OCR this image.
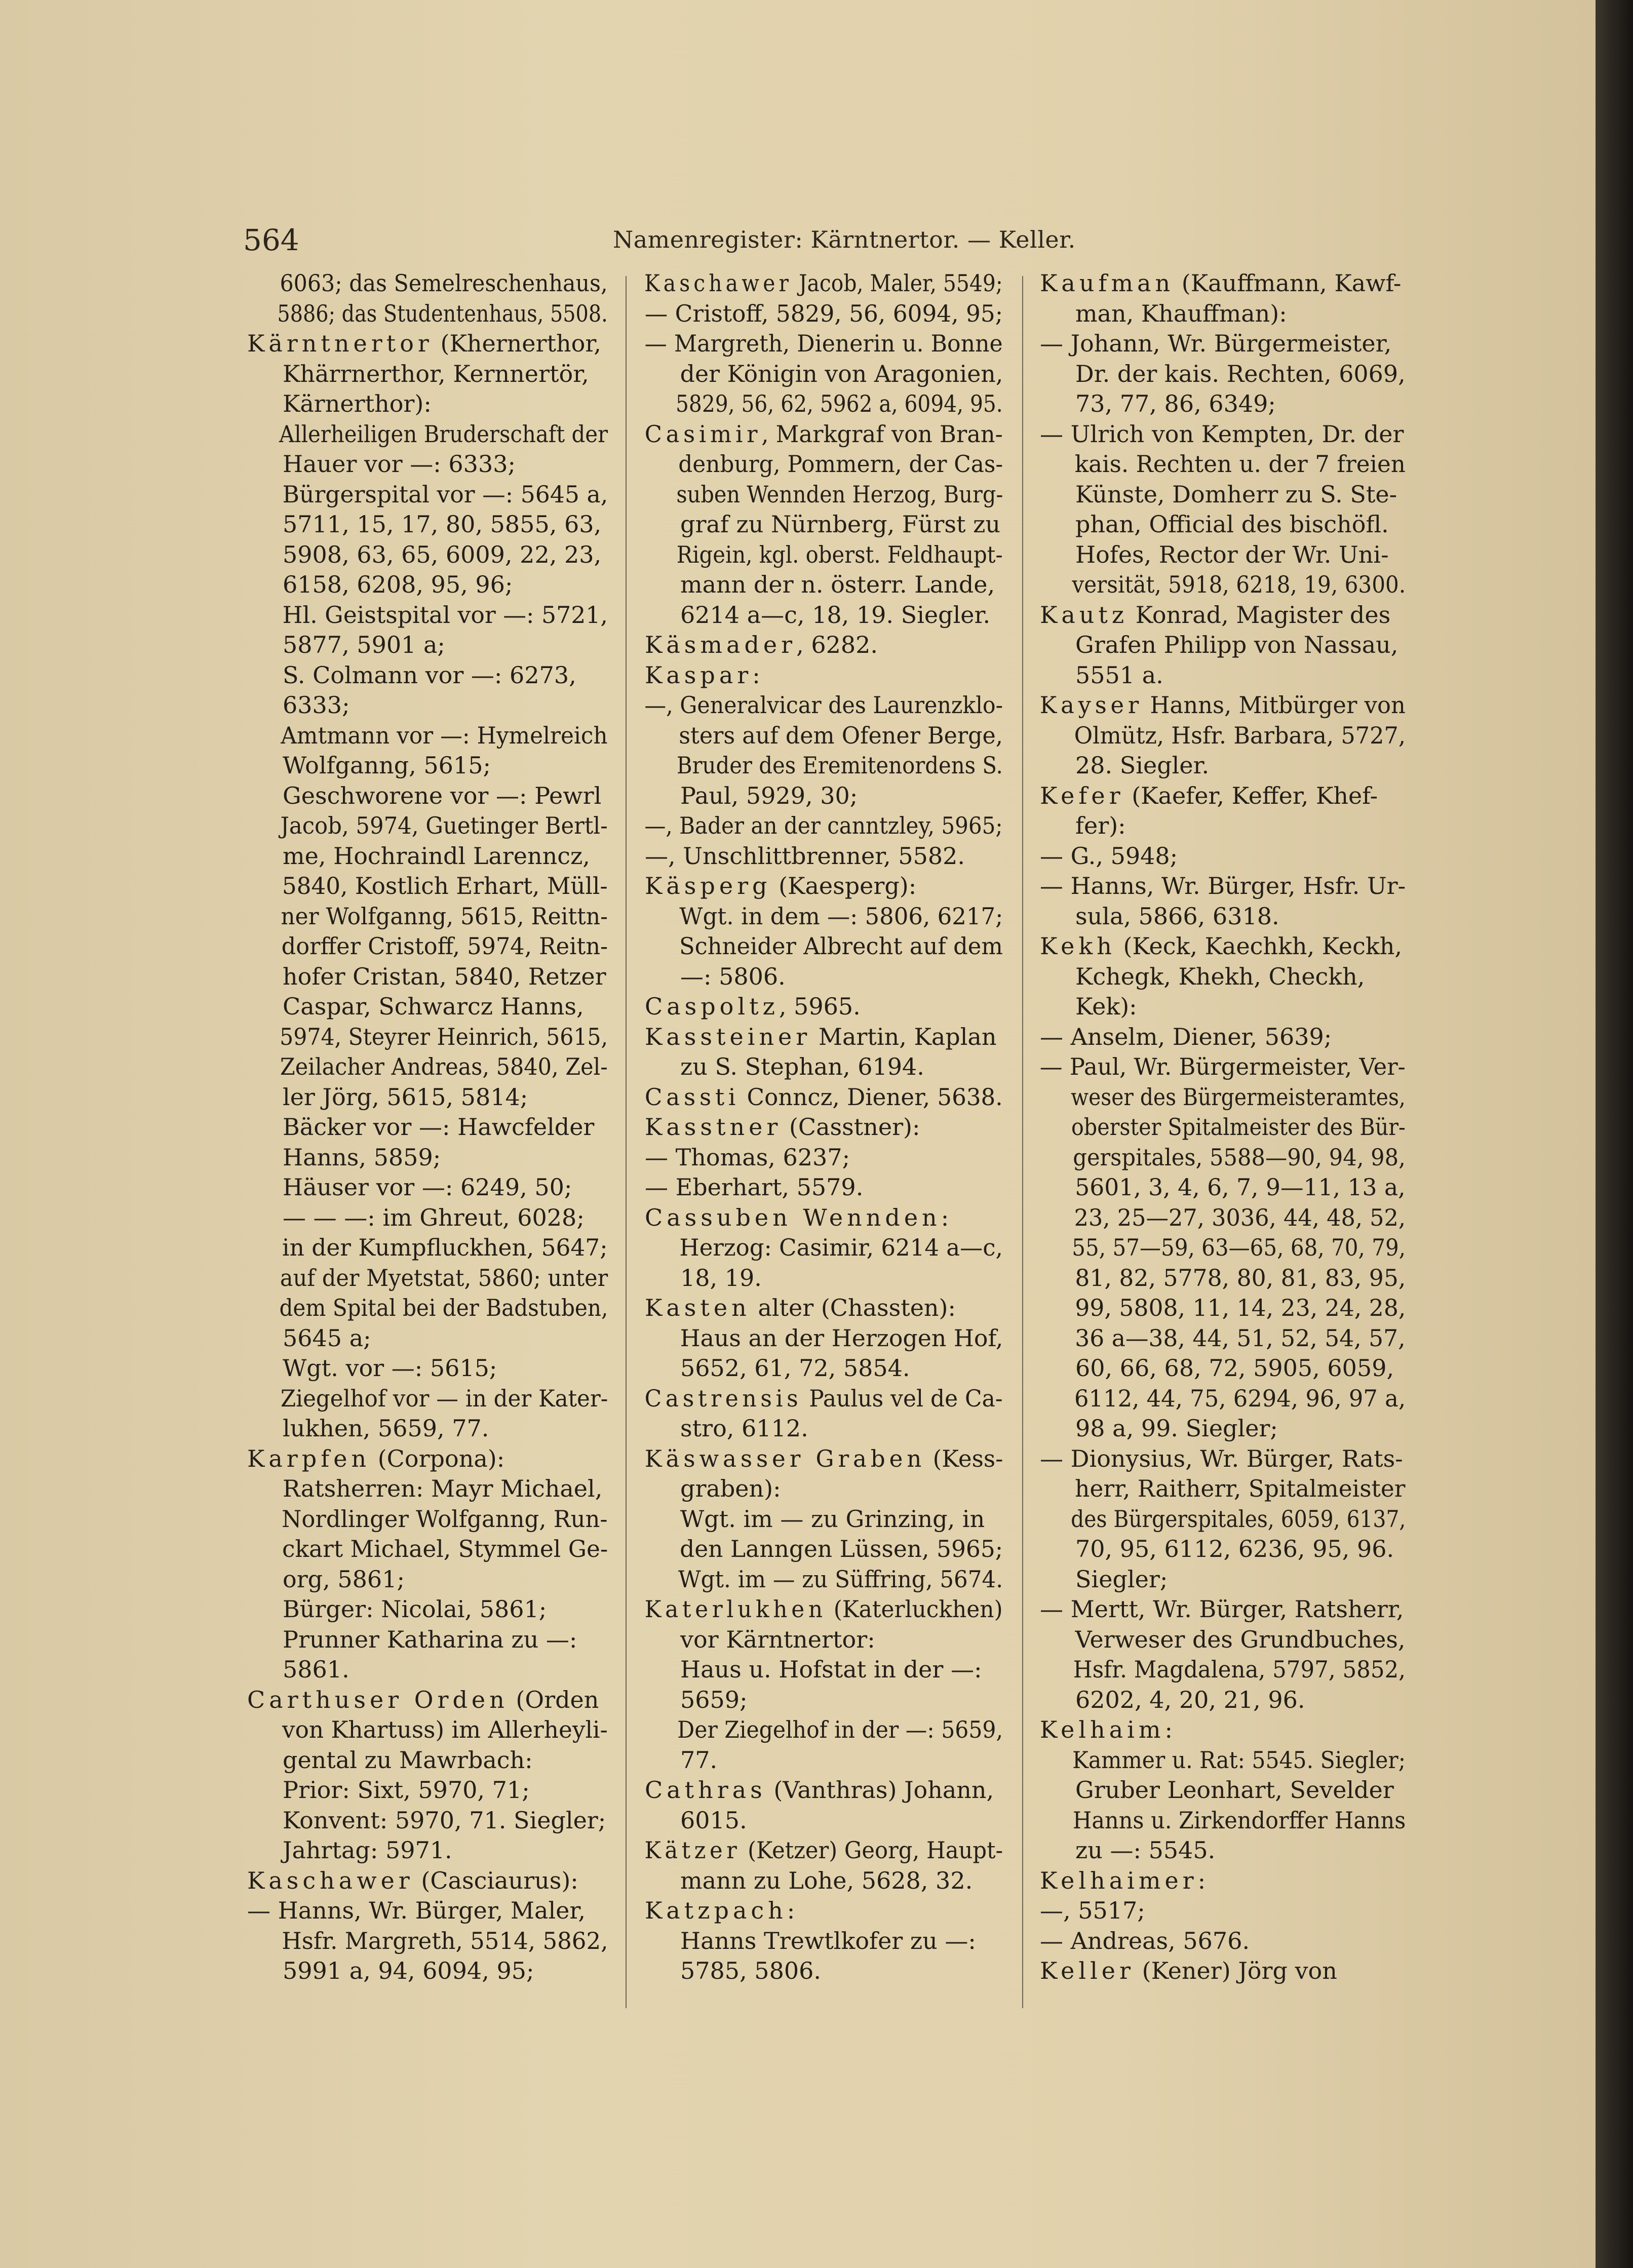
564	Namenregister: Kärntnertor. — Keller.
6063; das Semelreschenhaus,
5886; das Studentenhaus, 5508.
Kärntnertor (Khernerthor,
Khärrnerthor, Kernnertör,
Kärnerthor):
Allerheiligen Bruderschaft der
Hauer vor —: 6333;
Bürgerspital vor —: 5645 a,
5711, 15, 17, 80, 5855, 63,
5908, 63, 65, 6009, 22, 23,
6158, 6208, 95, 96;
Hl. Geistspital vor —: 5721,
5877, 5901 a;
S. Colmann vor —: 6273,
6333;
Amtmann vor —: Hymelreich
Wolfganng, 5615;
Geschworene vor —: Pewrl
Jacob, 5974, Guetinger Bertl-
me, Hochraindl Larenncz,
5840, Kostlich Erhart, Müll-
ner Wolfganng, 5615, Reittn-
dorffer Cristoff, 5974, Reitn-
hofer Cristan, 5840, Retzer
Caspar, Schwarcz Hanns,
5974, Steyrer Heinrich, 5615,
Zeilacher Andreas, 5840, Zel-
ler Jörg, 5615, 5814;
Bäcker vor —: Hawcfelder
Hanns, 5859;
Häuser vor —: 6249, 50;
— — —: im Ghreut, 6028;
in der Kumpfluckhen, 5647;
auf der Myetstat, 5860; unter
dem Spital bei der Badstuben,
5645 a;
Wgt. vor —: 5615;
Ziegelhof vor — in der Kater-
lukhen, 5659, 77.
Karpfen (Corpona):
Ratsherren: Mayr Michael,
Nordlinger Wolfganng, Run-
ckart Michael, Stymmel Ge-
org, 5861;
Bürger: Nicolai, 5861;
Prunner Katharina zu —:
5861.
Carthuser Orden (Orden
von Khartuss) im Allerheyli-
gental zu Mawrbach:
Prior: Sixt, 5970, 71;
Konvent: 5970, 71. Siegler;
Jahrtag: 5971.
Kaschawer (Casciaurus):
— Hanns, Wr. Bürger, Maler,
Hsfr. Margreth, 5514, 5862,
5991 a, 94, 6094, 95;
Kaschawer Jacob, Maler, 5549;
— Cristoff, 5829, 56, 6094, 95;
— Margreth, Dienerin u. Bonne
der Königin von Aragonien,
5829, 56, 62, 5962 a, 6094, 95.
Casimir, Markgraf von Bran-
denburg, Pommern, der Cas-
suben Wennden Herzog, Burg-
graf zu Nürnberg, Fürst zu
Rigein, kgl. oberst. Feldhaupt-
mann der n. österr. Lande,
6214 a—c, 18, 19. Siegler.
Käsmader, 6282.
Kaspar:
—, Generalvicar des Laurenzklo-
sters auf dem Ofener Berge,
Bruder des Eremitenordens S.
Paul, 5929, 30;
—, Bader an der canntzley, 5965;
—, Unschlittbrenner, 5582.
Käsperg (Kaesperg):
Wgt. in dem —: 5806, 6217;
Schneider Albrecht auf dem
—: 5806.
Caspoltz, 5965.
Kassteiner Martin, Kaplan
zu S. Stephan, 6194.
Cassti Conncz, Diener, 5638.
Kasstner (Casstner):
— Thomas, 6237;
— Eberhart, 5579.
Cassuben Wennden:
Herzog: Casimir, 6214 a—c,
18, 19.
Kasten alter (Chassten):
Haus an der Herzogen Hof,
5652, 61, 72, 5854.
Castrensis Paulus vel de Ca-
stro, 6112.
Käswasser Graben (Kess-
graben):
Wgt. im — zu Grinzing, in
den Lanngen Lüssen, 5965;
Wgt. im — zu Süffring, 5674.
Katerlukhen (Katerluckhen)
vor Kärntnertor:
Haus u. Hofstat in der —:
5659;
Der Ziegelhof in der —: 5659,
77.
Cathras (Vanthras) Johann,
6015.
Kätzer (Ketzer) Georg, Haupt-
mann zu Lohe, 5628, 32.
Katzpach:
Hanns Trewtlkofer zu —:
5785, 5806.
Kaufman (Kauffmann, Kawf-
man, Khauffman):
— Johann, Wr. Bürgermeister,
Dr. der kais. Rechten, 6069,
73, 77, 86, 6349;
— Ulrich von Kempten, Dr. der
kais. Rechten u. der 7 freien
Künste, Domherr zu S. Ste-
phan, Official des bischöfl.
Hofes, Rector der Wr. Uni-
versität, 5918, 6218, 19, 6300.
Kautz Konrad, Magister des
Grafen Philipp von Nassau,
5551 a.
Kayser Hanns, Mitbürger von
Olmütz, Hsfr. Barbara, 5727,
28. Siegler.
Kefer (Kaefer, Keffer, Khef-
fer):
— G., 5948;
— Hanns, Wr. Bürger, Hsfr. Ur-
sula, 5866, 6318.
Kekh (Keck, Kaechkh, Keckh,
Kchegk, Khekh, Checkh,
Kek):
— Anselm, Diener, 5639;
— Paul, Wr. Bürgermeister, Ver-
weser des Bürgermeisteramtes,
oberster Spitalmeister des Bür-
gerspitales, 5588—90, 94, 98,
5601, 3, 4, 6, 7, 9—11, 13 a,
23, 25—27, 3036, 44, 48, 52,
55, 57—59, 63—65, 68, 70, 79,
81, 82, 5778, 80, 81, 83, 95,
99, 5808, 11, 14, 23, 24, 28,
36 a—38, 44, 51, 52, 54, 57,
60, 66, 68, 72, 5905, 6059,
6112, 44, 75, 6294, 96, 97 a,
98 a, 99. Siegler;
— Dionysius, Wr. Bürger, Rats-
herr, Raitherr, Spitalmeister
des Bürgerspitales, 6059, 6137,
70, 95, 6112, 6236, 95, 96.
Siegler;
— Mertt, Wr. Bürger, Ratsherr,
Verweser des Grundbuches,
Hsfr. Magdalena, 5797, 5852,
6202, 4, 20, 21, 96.
Kelhaim:
Kammer u. Rat: 5545. Siegler;
Gruber Leonhart, Sevelder
Hanns u. Zirkendorffer Hanns
zu —: 5545.
Kelhaimer:
—, 5517;
— Andreas, 5676.
Keller (Kener) Jörg von
